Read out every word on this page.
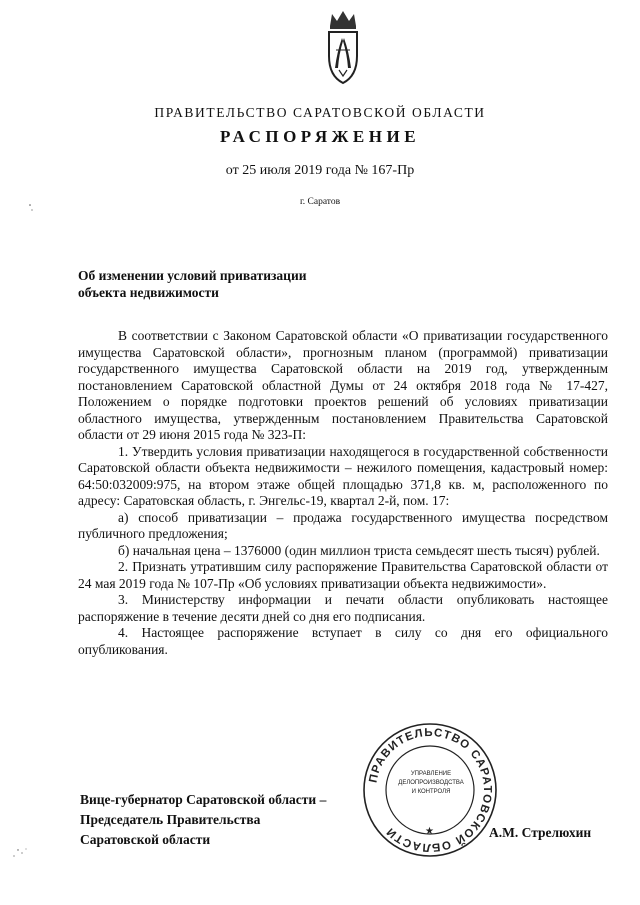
ПРАВИТЕЛЬСТВО САРАТОВСКОЙ ОБЛАСТИ
РАСПОРЯЖЕНИЕ
от 25 июля 2019 года № 167-Пр
г. Саратов
Об изменении условий приватизации
объекта недвижимости

В соответствии с Законом Саратовской области «О приватизации государственного имущества Саратовской области», прогнозным планом (программой) приватизации государственного имущества Саратовской области на 2019 год, утвержденным постановлением Саратовской областной Думы от 24 октября 2018 года № 17-427, Положением о порядке подготовки проектов решений об условиях приватизации областного имущества, утвержденным постановлением Правительства Саратовской области от 29 июня 2015 года № 323-П:

1. Утвердить условия приватизации находящегося в государственной собственности Саратовской области объекта недвижимости – нежилого помещения, кадастровый номер: 64:50:032009:975, на втором этаже общей площадью 371,8 кв. м, расположенного по адресу: Саратовская область, г. Энгельс-19, квартал 2-й, пом. 17:

а) способ приватизации – продажа государственного имущества посредством публичного предложения;

б) начальная цена – 1376000 (один миллион триста семьдесят шесть тысяч) рублей.

2. Признать утратившим силу распоряжение Правительства Саратовской области от 24 мая 2019 года № 107-Пр «Об условиях приватизации объекта недвижимости».

3. Министерству информации и печати области опубликовать настоящее распоряжение в течение десяти дней со дня его подписания.

4. Настоящее распоряжение вступает в силу со дня его официального опубликования.

ПРАВИТЕЛЬСТВО САРАТОВСКОЙ ОБЛАСТИ
УПРАВЛЕНИЕ
ДЕЛОПРОИЗВОДСТВА
И КОНТРОЛЯ
★
Вице-губернатор Саратовской области –
Председатель Правительства
Саратовской области	А.М. Стрелюхин
